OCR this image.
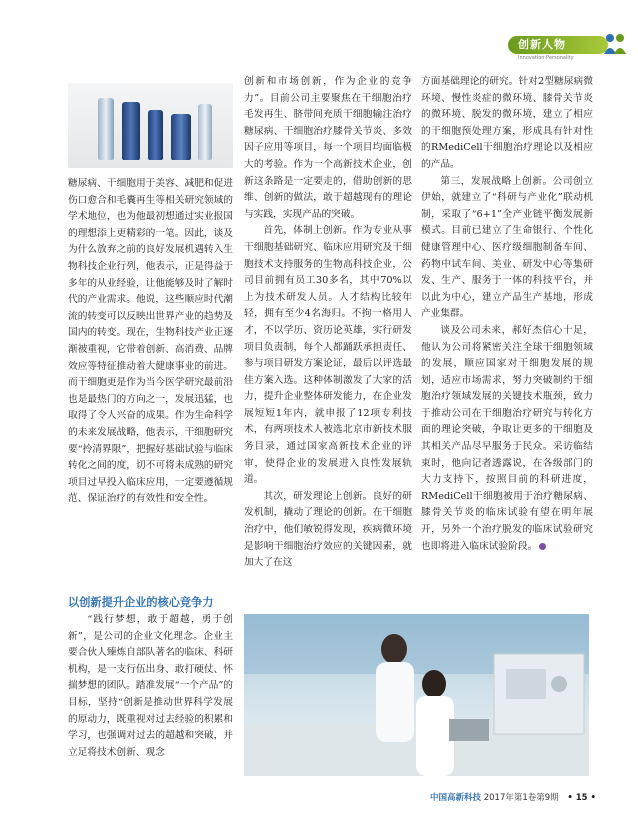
创新人物
Innovation Personality

糖尿病、干细胞用于美容、减肥和促进伤口愈合和毛囊再生等相关研究领域的学术地位，也为他最初想通过实业报国的理想添上更精彩的一笔。因此，谈及为什么放弃之前的良好发展机遇转入生物科技企业行列，他表示，正是得益于多年的从业经验，让他能够及时了解时代的产业需求。他说，这些顺应时代潮流的转变可以反映出世界产业的趋势及国内的转变。现在，生物科技产业正逐渐被重视，它带着创新、高消费、品牌效应等特征推动着大健康事业的前进。而干细胞更是作为当今医学研究最前沿也是最热门的方向之一，发展迅猛，也取得了令人兴奋的成果。作为生命科学的未来发展战略，他表示，干细胞研究要“拎清界限”，把握好基础试验与临床转化之间的度，切不可将未成熟的研究项目过早投入临床应用，一定要遵循规范、保证治疗的有效性和安全性。

以创新提升企业的核心竞争力

“践行梦想，敢于超越，勇于创新”，是公司的企业文化理念。企业主要合伙人臻炼自部队著名的临床、科研机构，是一支行伍出身、敢打硬仗、怀揣梦想的团队。踏准发展“一个产品”的目标，坚持“创新是推动世界科学发展的原动力，既重视对过去经验的积累和学习，也强调对过去的超越和突破，并立足将技术创新、观念

创新和市场创新，作为企业的竞争力”。目前公司主要聚焦在干细胞治疗毛发再生、脐带间充质干细胞输注治疗糖尿病、干细胞治疗膝骨关节炎、多效因子应用等项目，每一个项目均面临极大的考验。作为一个高新技术企业，创新这条路是一定要走的，借助创新的思维、创新的做法，敢于超越现有的理论与实践，实现产品的突破。

首先，体制上创新。作为专业从事干细胞基础研究、临床应用研究及干细胞技术支持服务的生物高科技企业，公司目前拥有员工30多名，其中70%以上为技术研发人员。人才结构比较年轻，拥有至少4名海归。不拘一格用人才，不以学历、资历论英雄，实行研发项目负责制，每个人都踊跃承担责任、参与项目研发方案论证，最后以评选最佳方案入选。这种体制激发了大家的活力，提升企业整体研发能力，在企业发展短短1年内，就申报了12项专利技术，有两项技术人被选北京市新技术服务目录，通过国家高新技术企业的评审，使得企业的发展进入良性发展轨道。

其次，研发理论上创新。良好的研发机制，撬动了理论的创新。在干细胞治疗中，他们敏锐得发现，疾病微环境是影响干细胞治疗效应的关键因素，就加大了在这

方面基础理论的研究。针对2型糖尿病微环境、慢性炎症的微环境、膝骨关节炎的微环境、脱发的微环境，建立了相应的干细胞预处理方案，形成具有针对性的RMediCell干细胞治疗理论以及相应的产品。

第三，发展战略上创新。公司创立伊始，就建立了“科研与产业化”联动机制，采取了“6+1”全产业链平衡发展新模式。目前已建立了生命银行、个性化健康管理中心、医疗级细胞制备车间、药物中试车间、美业、研发中心等集研发、生产、服务于一体的科技平台，并以此为中心，建立产品生产基地，形成产业集群。

谈及公司未来，郝好杰信心十足，他认为公司将紧密关注全球干细胞领域的发展，顺应国家对干细胞发展的规划，适应市场需求，努力突破制约干细胞治疗领域发展的关键技术瓶颈，致力于推动公司在干细胞治疗研究与转化方面的理论突破，争取让更多的干细胞及其相关产品尽早服务于民众。采访临结束时，他向记者透露说，在各级部门的大力支持下，按照目前的科研进度，RMediCell干细胞被用于治疗糖尿病、膝骨关节炎的临床试验有望在明年展开，另外一个治疗脱发的临床试验研究也即将进入临床试验阶段。

中国高新科技 2017年第1卷第9期 • 15 •
